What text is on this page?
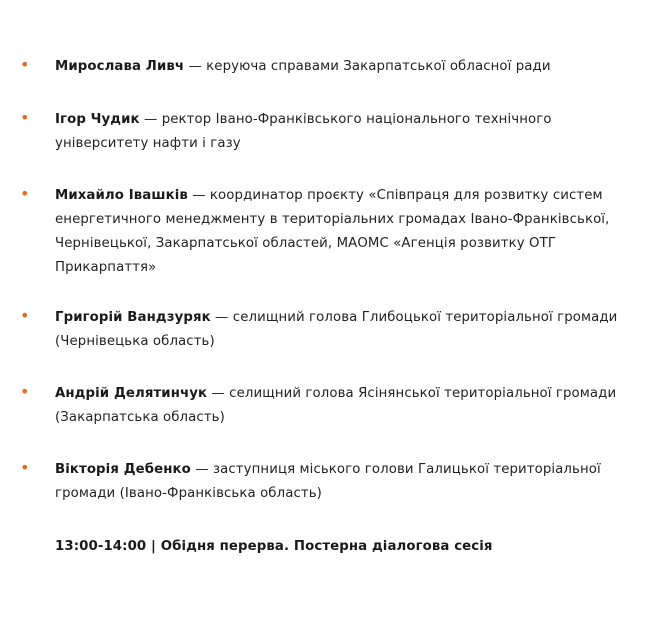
• Мирослава Ливч — керуюча справами Закарпатської обласної ради
• Ігор Чудик — ректор Івано-Франківського національного технічного університету нафти і газу
• Михайло Івашків — координатор проєкту «Співпраця для розвитку систем енергетичного менеджменту в територіальних громадах Івано-Франківської, Чернівецької, Закарпатської областей, МАОМС «Агенція розвитку ОТГ Прикарпаття»
• Григорій Вандзуряк — селищний голова Глибоцької територіальної громади (Чернівецька область)
• Андрій Делятинчук — селищний голова Ясінянської територіальної громади (Закарпатська область)
• Вікторія Дебенко — заступниця міського голови Галицької територіальної громади (Івано-Франківська область)
13:00-14:00 | Обідня перерва. Постерна діалогова сесія
